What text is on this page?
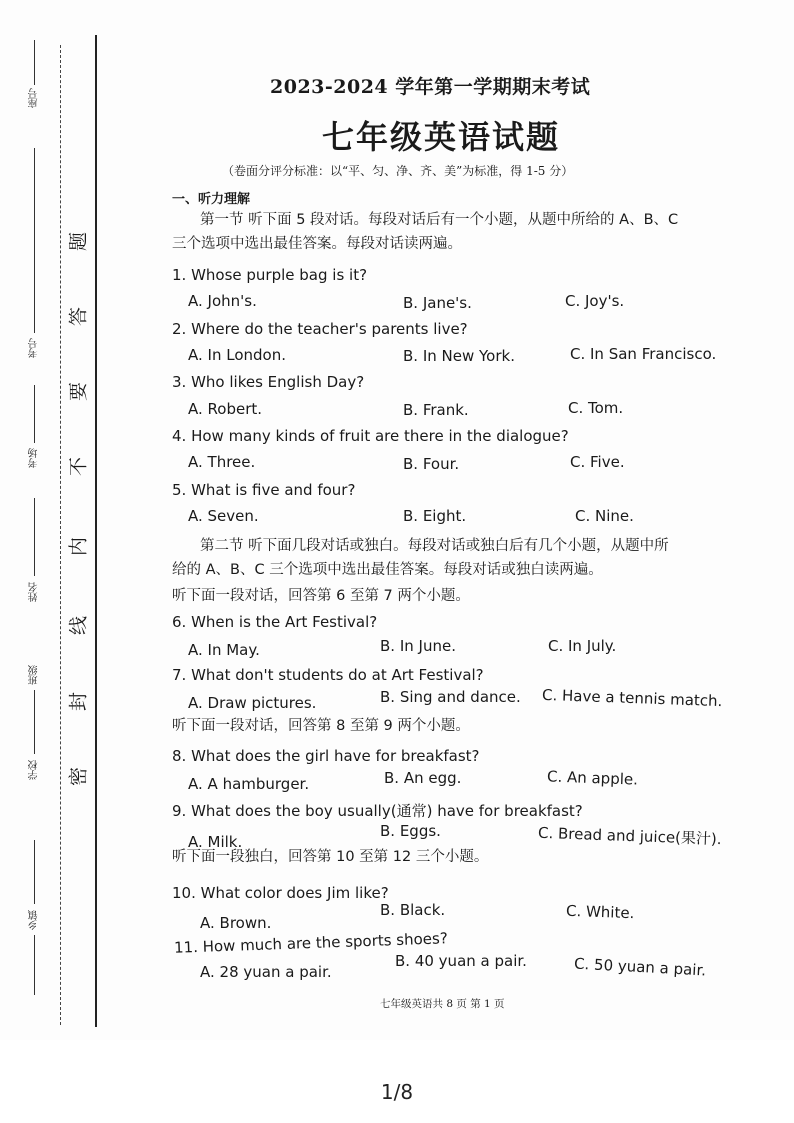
座号
考号
考场
班级
姓名
学校
乡镇
题
答
要
不
内
线
封
密
2023-2024 学年第一学期期末考试
七年级英语试题
（卷面分评分标准：以“平、匀、净、齐、美”为标准，得 1-5 分）
一、听力理解
第一节 听下面 5 段对话。每段对话后有一个小题，从题中所给的 A、B、C
三个选项中选出最佳答案。每段对话读两遍。
1. Whose purple bag is it?
A. John's.	B. Jane's.	C. Joy's.
2. Where do the teacher's parents live?
A. In London.	B. In New York.	C. In San Francisco.
3. Who likes English Day?
A. Robert.	B. Frank.	C. Tom.
4. How many kinds of fruit are there in the dialogue?
A. Three.	B. Four.	C. Five.
5. What is five and four?
A. Seven.	B. Eight.	C. Nine.
第二节 听下面几段对话或独白。每段对话或独白后有几个小题，从题中所
给的 A、B、C 三个选项中选出最佳答案。每段对话或独白读两遍。
听下面一段对话，回答第 6 至第 7 两个小题。
6. When is the Art Festival?
A. In May.	B. In June.	C. In July.
7. What don't students do at Art Festival?
A. Draw pictures.	B. Sing and dance. C. Have a tennis match.
听下面一段对话，回答第 8 至第 9 两个小题。
8. What does the girl have for breakfast?
A. A hamburger.	B. An egg.	C. An apple.
9. What does the boy usually(通常) have for breakfast?
A. Milk.
B. Eggs.	C. Bread and juice(果汁).
听下面一段独白，回答第 10 至第 12 三个小题。
10. What color does Jim like?
A. Brown.
B. Black.	C. White.
11. How much are the sports shoes?
A. 28 yuan a pair.
B. 40 yuan a pair.	C. 50 yuan a pair.
七年级英语共 8 页 第 1 页
1/8
